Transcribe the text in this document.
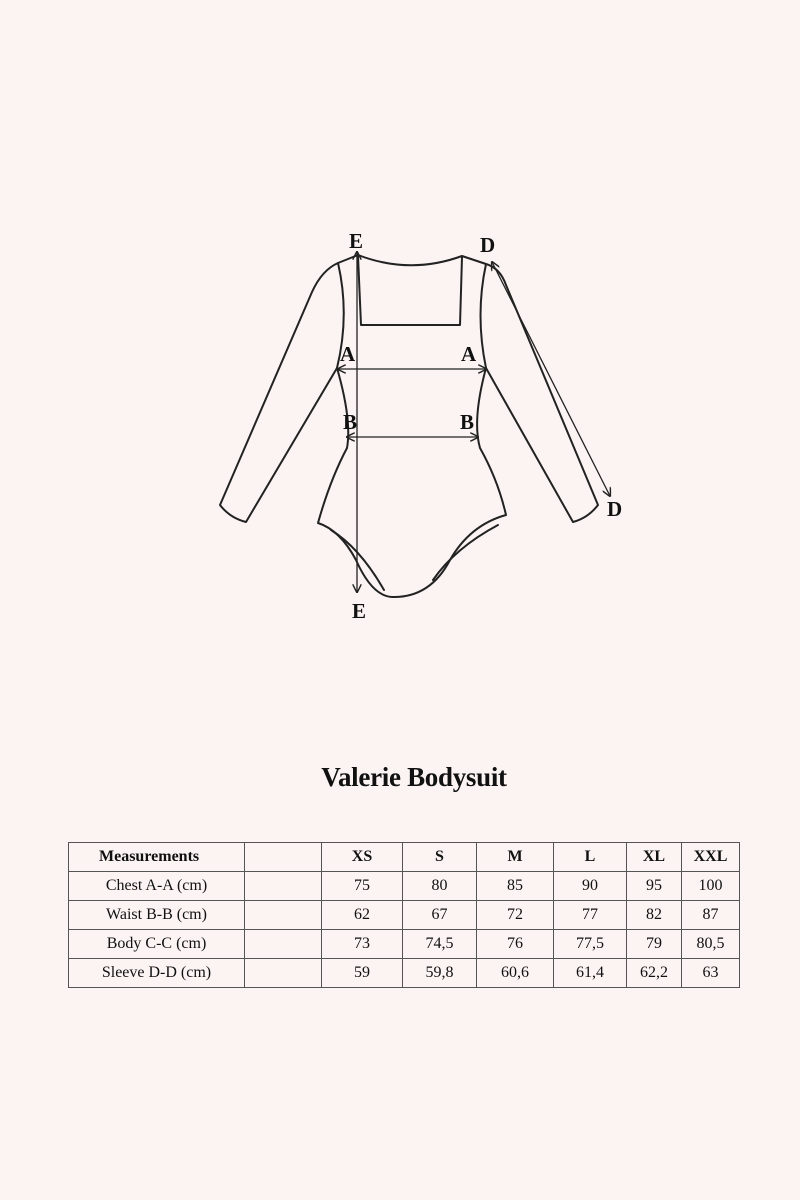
E	D
A	A
B	B
D
E
Valerie Bodysuit
Measurements		XS	S	M	L	XL	XXL
Chest A-A (cm)		75	80	85	90	95	100
Waist B-B (cm)		62	67	72	77	82	87
Body C-C (cm)		73	74,5	76	77,5	79	80,5
Sleeve D-D (cm)		59	59,8	60,6	61,4	62,2	63
